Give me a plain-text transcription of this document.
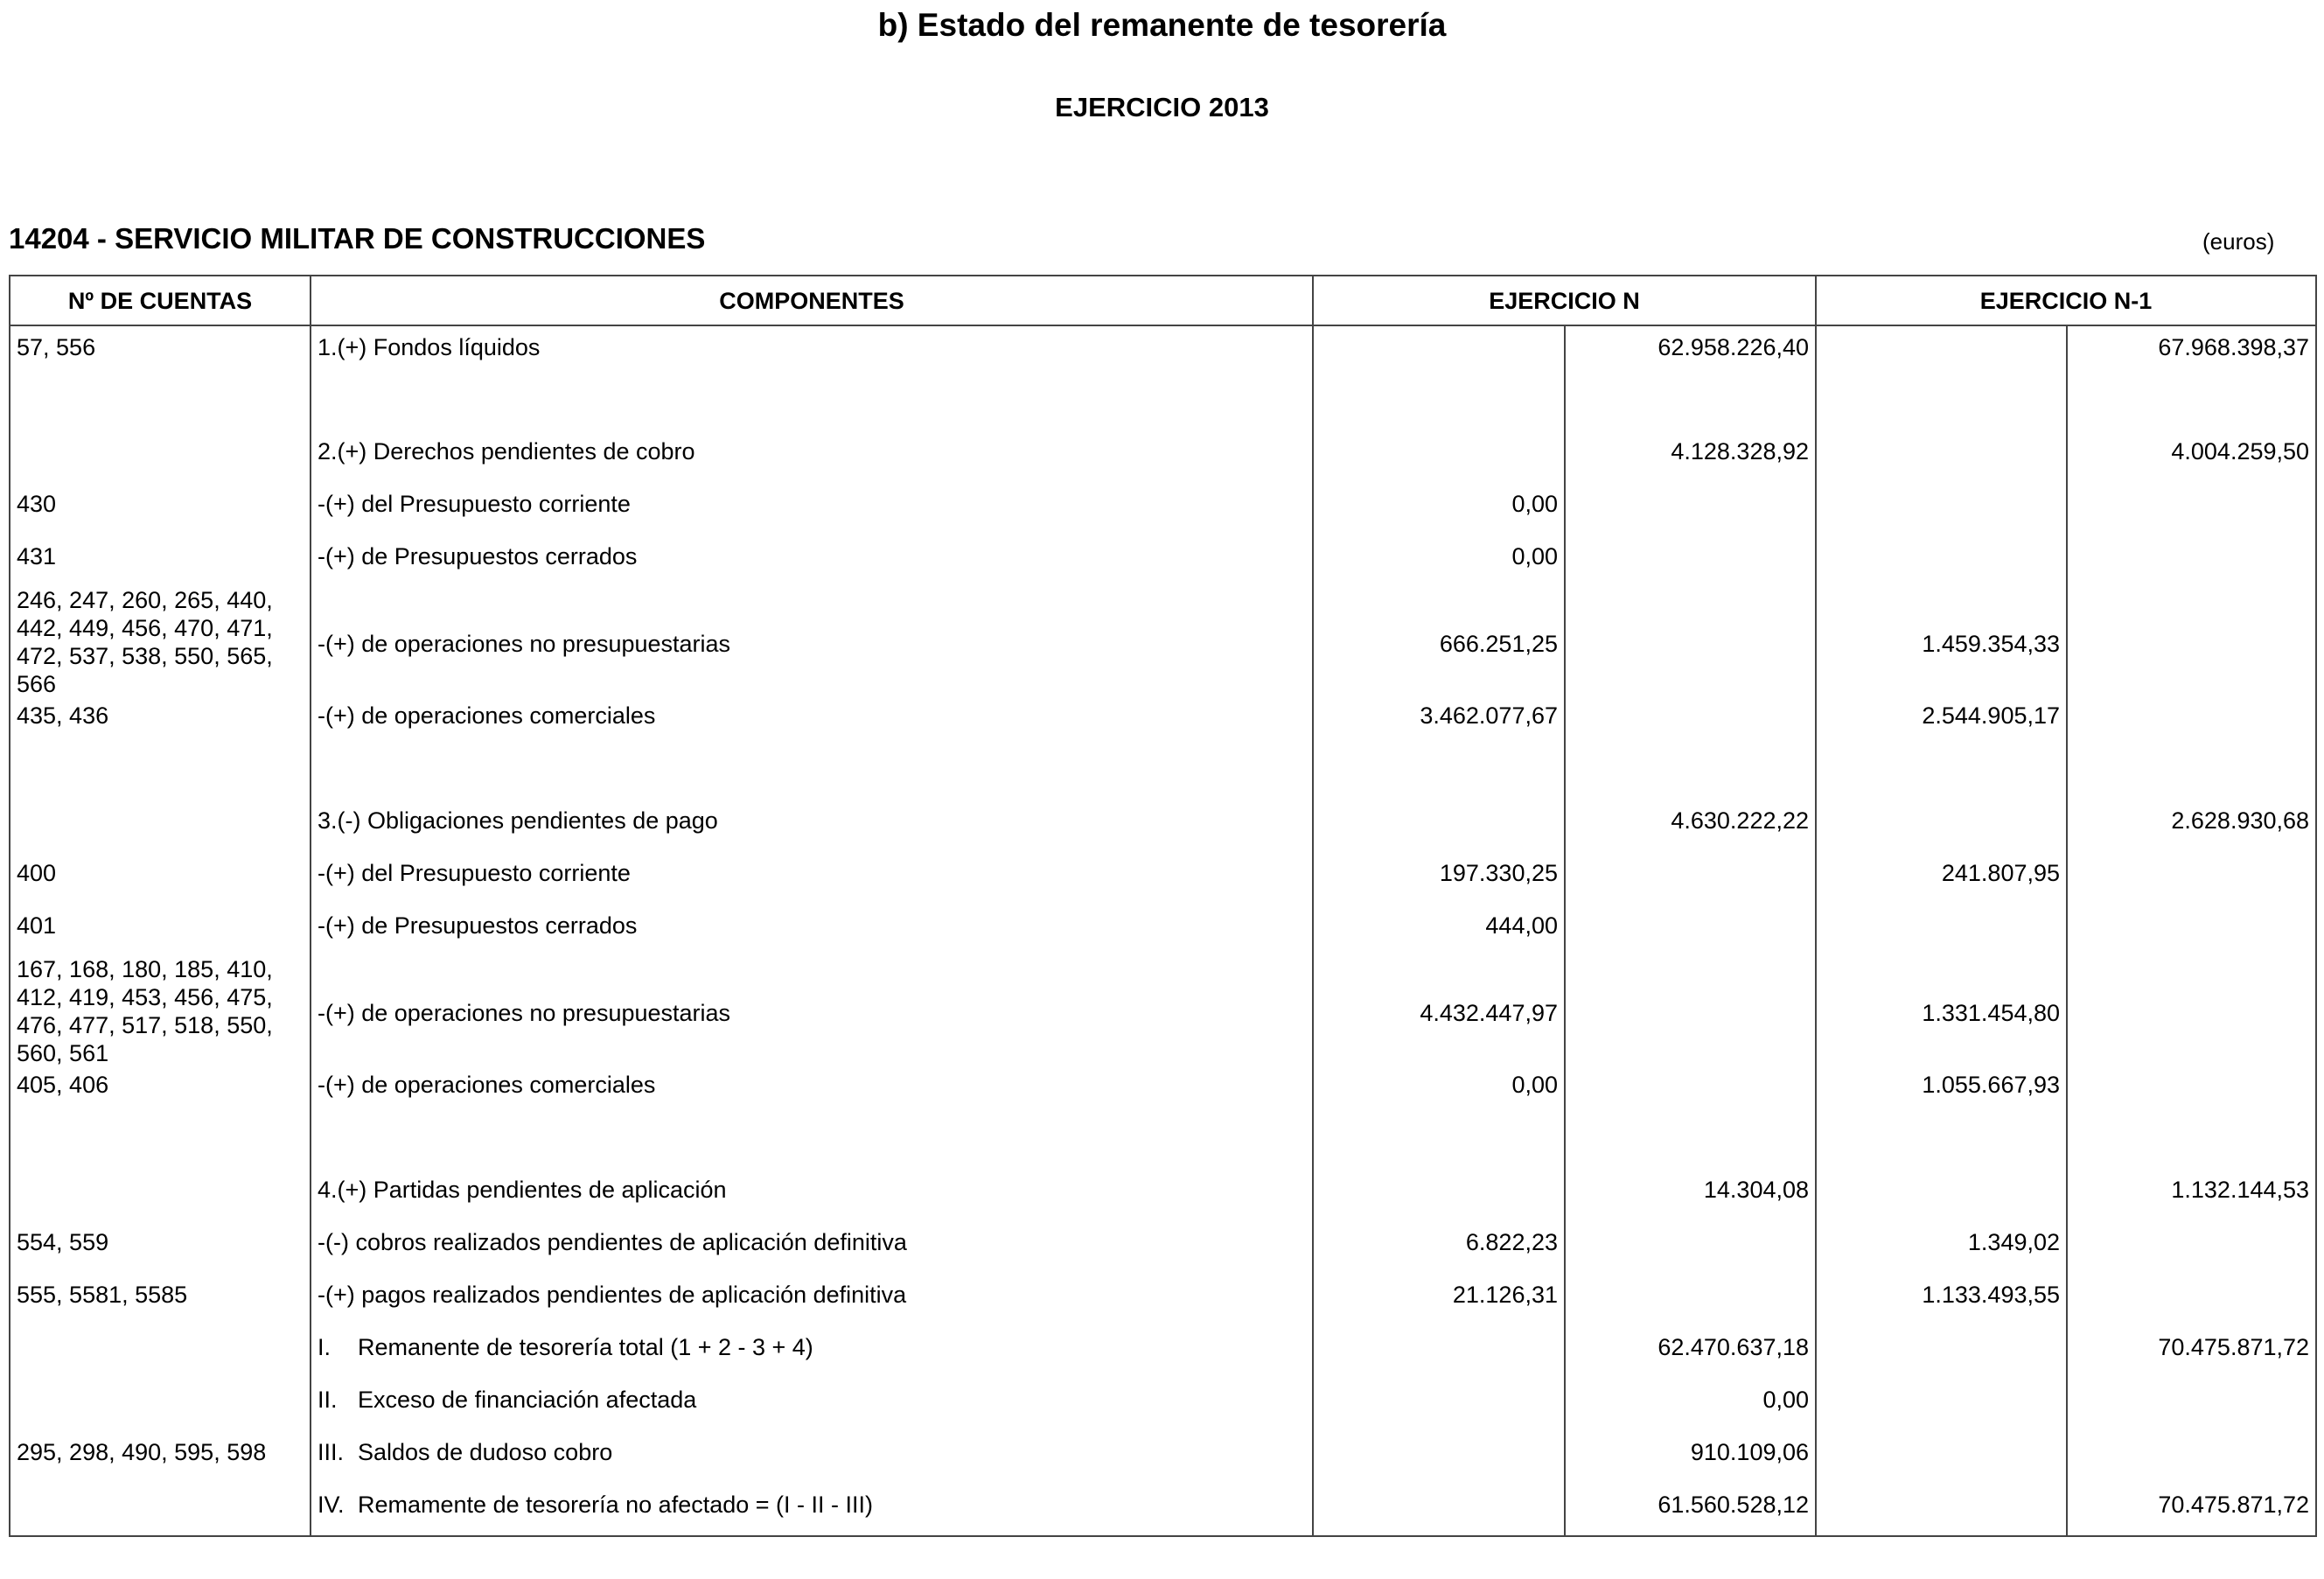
b) Estado del remanente de tesorería
EJERCICIO 2013
14204 - SERVICIO MILITAR DE CONSTRUCCIONES	(euros)
Nº DE CUENTAS	COMPONENTES	EJERCICIO N		EJERCICIO N-1	
57, 556	1.(+) Fondos líquidos		62.958.226,40		67.968.398,37

	2.(+) Derechos pendientes de cobro		4.128.328,92		4.004.259,50
430	-(+) del Presupuesto corriente	0,00			
431	-(+) de Presupuestos cerrados	0,00			
246, 247, 260, 265, 440, 442, 449, 456, 470, 471, 472, 537, 538, 550, 565, 566	-(+) de operaciones no presupuestarias	666.251,25		1.459.354,33	
435, 436	-(+) de operaciones comerciales	3.462.077,67		2.544.905,17	

	3.(-) Obligaciones pendientes de pago		4.630.222,22		2.628.930,68
400	-(+) del Presupuesto corriente	197.330,25		241.807,95	
401	-(+) de Presupuestos cerrados	444,00			
167, 168, 180, 185, 410, 412, 419, 453, 456, 475, 476, 477, 517, 518, 550, 560, 561	-(+) de operaciones no presupuestarias	4.432.447,97		1.331.454,80	
405, 406	-(+) de operaciones comerciales	0,00		1.055.667,93	

	4.(+) Partidas pendientes de aplicación		14.304,08		1.132.144,53
554, 559	-(-) cobros realizados pendientes de aplicación definitiva	6.822,23		1.349,02	
555, 5581, 5585	-(+) pagos realizados pendientes de aplicación definitiva	21.126,31		1.133.493,55	
	I. Remanente de tesorería total (1 + 2 - 3 + 4)		62.470.637,18		70.475.871,72
	II. Exceso de financiación afectada		0,00		
295, 298, 490, 595, 598	III. Saldos de dudoso cobro		910.109,06		
	IV. Remamente de tesorería no afectado = (I - II - III)		61.560.528,12		70.475.871,72
